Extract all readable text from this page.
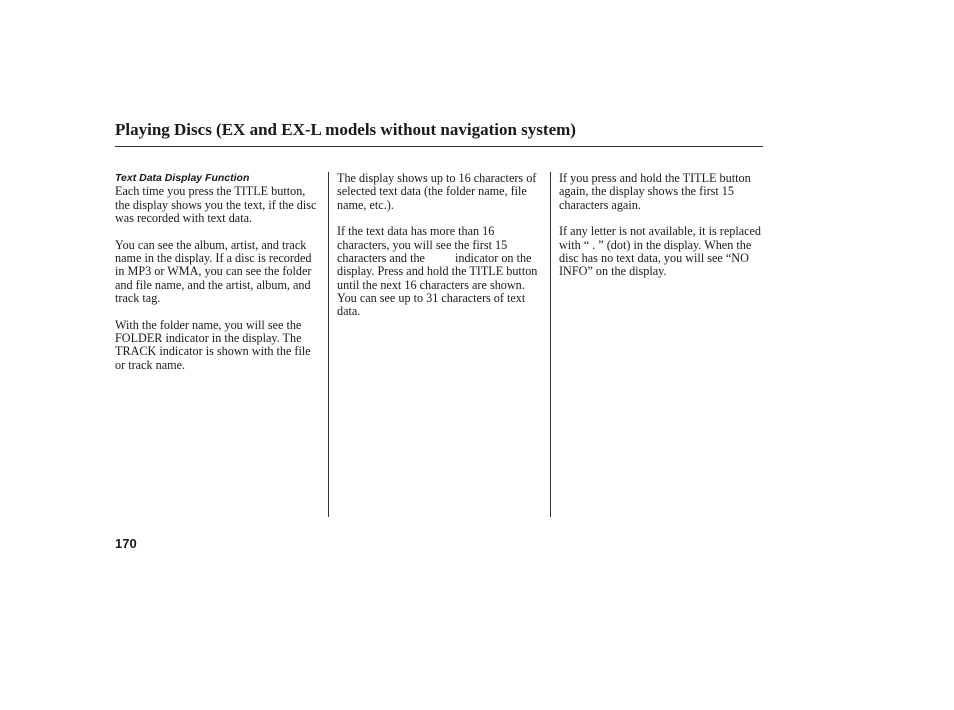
Playing Discs (EX and EX-L models without navigation system)
Text Data Display Function

Each time you press the TITLE button, the display shows you the text, if the disc was recorded with text data.

You can see the album, artist, and track name in the display. If a disc is recorded in MP3 or WMA, you can see the folder and file name, and the artist, album, and track tag.

With the folder name, you will see the FOLDER indicator in the display. The TRACK indicator is shown with the file or track name.

The display shows up to 16 characters of selected text data (the folder name, file name, etc.).

If the text data has more than 16 characters, you will see the first 15 characters and the indicator on the display. Press and hold the TITLE button until the next 16 characters are shown. You can see up to 31 characters of text data.

If you press and hold the TITLE button again, the display shows the first 15 characters again.

If any letter is not available, it is replaced with “ . ” (dot) in the display. When the disc has no text data, you will see “NO INFO” on the display.

170
